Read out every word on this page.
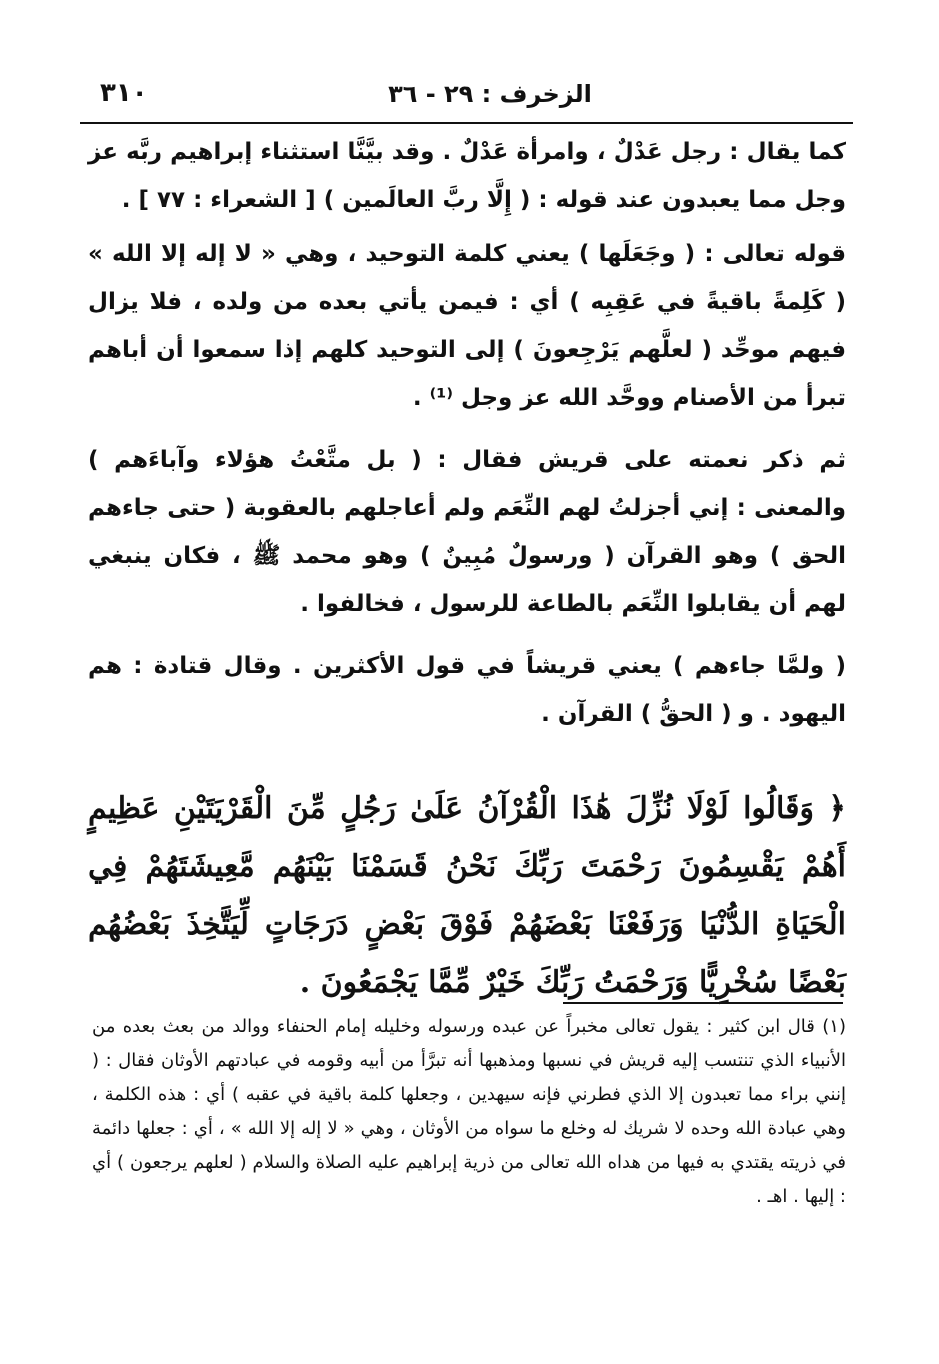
٣١٠	الزخرف : ٢٩ - ٣٦

كما يقال : رجل عَدْلٌ ، وامرأة عَدْلٌ . وقد بيَّنَّا استثناء إبراهيم ربَّه عز وجل مما يعبدون عند قوله : ( إِلَّا ربَّ العالَمين ) [ الشعراء : ٧٧ ] .

قوله تعالى : ( وجَعَلَها ) يعني كلمة التوحيد ، وهي « لا إله إلا الله » ( كَلِمةً باقيةً في عَقِبِه ) أي : فيمن يأتي بعده من ولده ، فلا يزال فيهم موحِّد ( لعلَّهم يَرْجِعونَ ) إلى التوحيد كلهم إذا سمعوا أن أباهم تبرأ من الأصنام ووحَّد الله عز وجل ⁽¹⁾ .

ثم ذكر نعمته على قريش فقال : ( بل متَّعْتُ هؤلاء وآباءَهم ) والمعنى : إني أجزلتُ لهم النِّعَم ولم أعاجلهم بالعقوبة ( حتى جاءهم الحق ) وهو القرآن ( ورسولٌ مُبِينٌ ) وهو محمد ﷺ ، فكان ينبغي لهم أن يقابلوا النِّعَم بالطاعة للرسول ، فخالفوا .

( ولمَّا جاءهم ) يعني قريشاً في قول الأكثرين . وقال قتادة : هم اليهود . و ( الحقُّ ) القرآن .

﴿ وَقَالُوا لَوْلَا نُزِّلَ هَٰذَا الْقُرْآنُ عَلَىٰ رَجُلٍ مِّنَ الْقَرْيَتَيْنِ عَظِيمٍ أَهُمْ يَقْسِمُونَ رَحْمَتَ رَبِّكَ نَحْنُ قَسَمْنَا بَيْنَهُم مَّعِيشَتَهُمْ فِي الْحَيَاةِ الدُّنْيَا وَرَفَعْنَا بَعْضَهُمْ فَوْقَ بَعْضٍ دَرَجَاتٍ لِّيَتَّخِذَ بَعْضُهُم بَعْضًا سُخْرِيًّا وَرَحْمَتُ رَبِّكَ خَيْرٌ مِّمَّا يَجْمَعُونَ .

(١) قال ابن كثير : يقول تعالى مخبراً عن عبده ورسوله وخليله إمام الحنفاء ووالد من بعث بعده من الأنبياء الذي تنتسب إليه قريش في نسبها ومذهبها أنه تبرَّأ من أبيه وقومه في عبادتهم الأوثان فقال : ( إنني براء مما تعبدون إلا الذي فطرني فإنه سيهدين ، وجعلها كلمة باقية في عقبه ) أي : هذه الكلمة ، وهي عبادة الله وحده لا شريك له وخلع ما سواه من الأوثان ، وهي « لا إله إلا الله » ، أي : جعلها دائمة في ذريته يقتدي به فيها من هداه الله تعالى من ذرية إبراهيم عليه الصلاة والسلام ( لعلهم يرجعون ) أي : إليها . اهـ .
